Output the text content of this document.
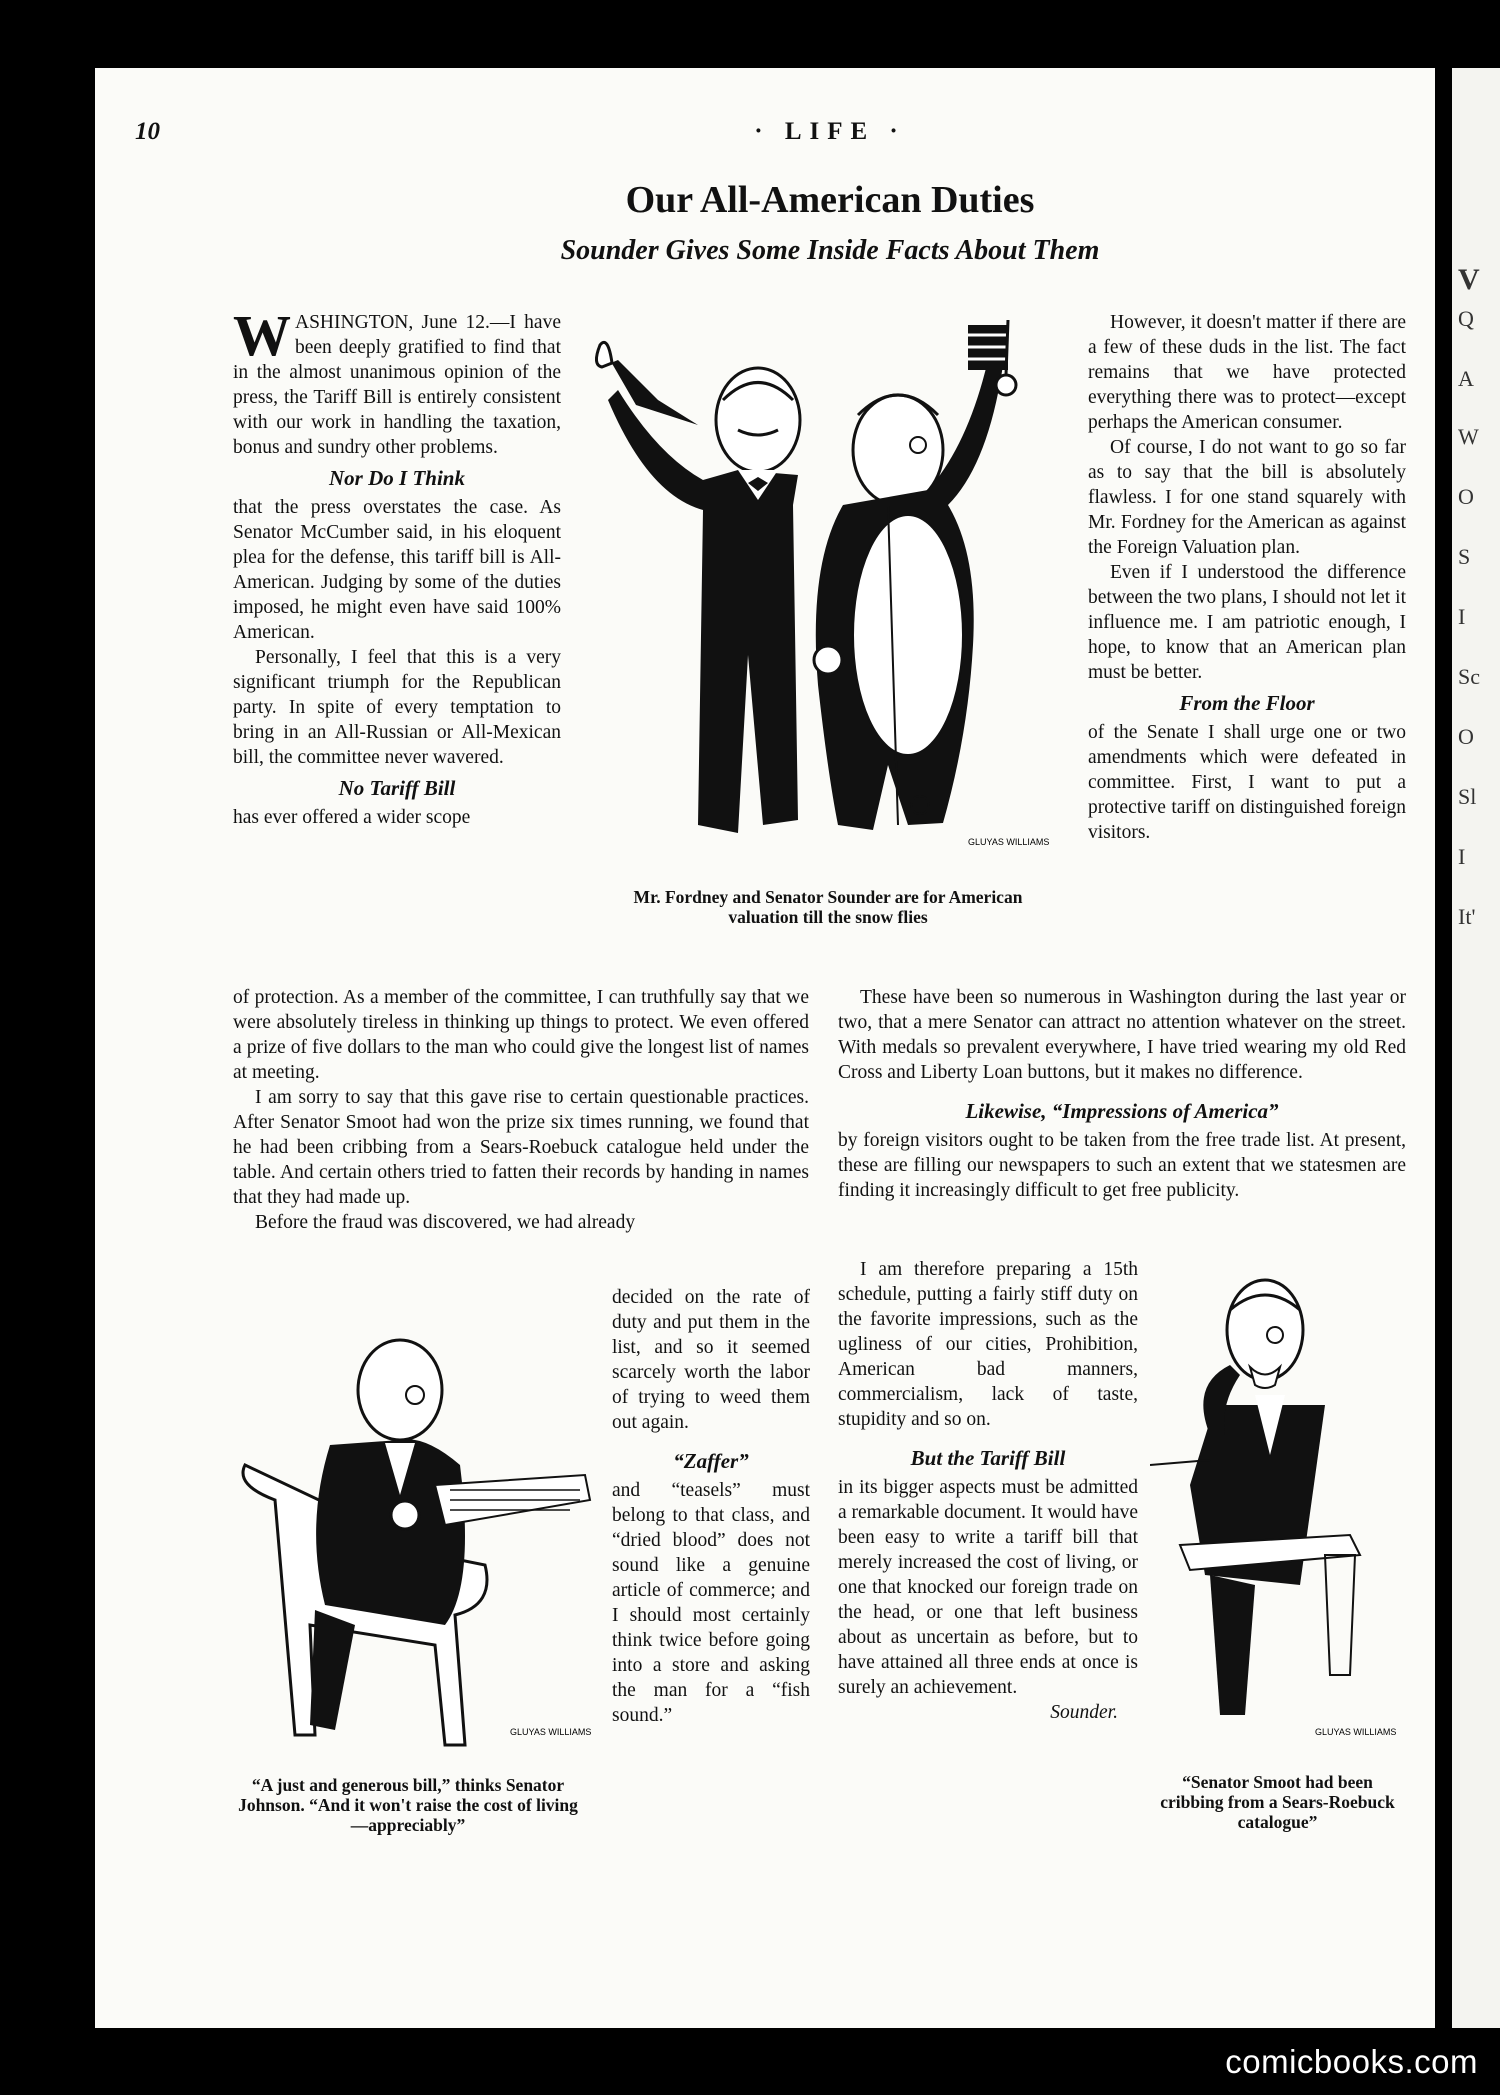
V
Q
A
W
O
S
I
Sc
O
Sl
I
It'
10	· LIFE ·
Our All-American Duties
Sounder Gives Some Inside Facts About Them

WASHINGTON, June 12.—I have been deeply gratified to find that in the almost unanimous opinion of the press, the Tariff Bill is entirely consistent with our work in handling the taxation, bonus and sundry other problems.

Nor Do I Think

that the press overstates the case. As Senator McCumber said, in his eloquent plea for the defense, this tariff bill is All-American. Judging by some of the duties imposed, he might even have said 100% American.

Personally, I feel that this is a very significant triumph for the Republican party. In spite of every temptation to bring in an All-Russian or All-Mexican bill, the committee never wavered.

No Tariff Bill

has ever offered a wider scope

GLUYAS WILLIAMS
Mr. Fordney and Senator Sounder are for American valuation till the snow flies

However, it doesn't matter if there are a few of these duds in the list. The fact remains that we have protected everything there was to protect—except perhaps the American consumer.

Of course, I do not want to go so far as to say that the bill is absolutely flawless. I for one stand squarely with Mr. Fordney for the American as against the Foreign Valuation plan.

Even if I understood the difference between the two plans, I should not let it influence me. I am patriotic enough, I hope, to know that an American plan must be better.

From the Floor

of the Senate I shall urge one or two amendments which were defeated in committee. First, I want to put a protective tariff on distinguished foreign visitors.

of protection. As a member of the committee, I can truthfully say that we were absolutely tireless in thinking up things to protect. We even offered a prize of five dollars to the man who could give the longest list of names at meeting.

I am sorry to say that this gave rise to certain questionable practices. After Senator Smoot had won the prize six times running, we found that he had been cribbing from a Sears-Roebuck catalogue held under the table. And certain others tried to fatten their records by handing in names that they had made up.

Before the fraud was discovered, we had already

These have been so numerous in Washington during the last year or two, that a mere Senator can attract no attention whatever on the street. With medals so prevalent everywhere, I have tried wearing my old Red Cross and Liberty Loan buttons, but it makes no difference.

Likewise, “Impressions of America”

by foreign visitors ought to be taken from the free trade list. At present, these are filling our newspapers to such an extent that we statesmen are finding it increasingly difficult to get free publicity.

GLUYAS WILLIAMS
“A just and generous bill,” thinks Senator Johnson. “And it won't raise the cost of living—appreciably”

decided on the rate of duty and put them in the list, and so it seemed scarcely worth the labor of trying to weed them out again.

“Zaffer”

and “teasels” must belong to that class, and “dried blood” does not sound like a genuine article of commerce; and I should most certainly think twice before going into a store and asking the man for a “fish sound.”

I am therefore preparing a 15th schedule, putting a fairly stiff duty on the favorite impressions, such as the ugliness of our cities, Prohibition, American bad manners, commercialism, lack of taste, stupidity and so on.

But the Tariff Bill

in its bigger aspects must be admitted a remarkable document. It would have been easy to write a tariff bill that merely increased the cost of living, or one that knocked our foreign trade on the head, or one that left business about as uncertain as before, but to have attained all three ends at once is surely an achievement.

Sounder.

GLUYAS WILLIAMS
“Senator Smoot had been cribbing from a Sears-Roebuck catalogue”
comicbooks.com
